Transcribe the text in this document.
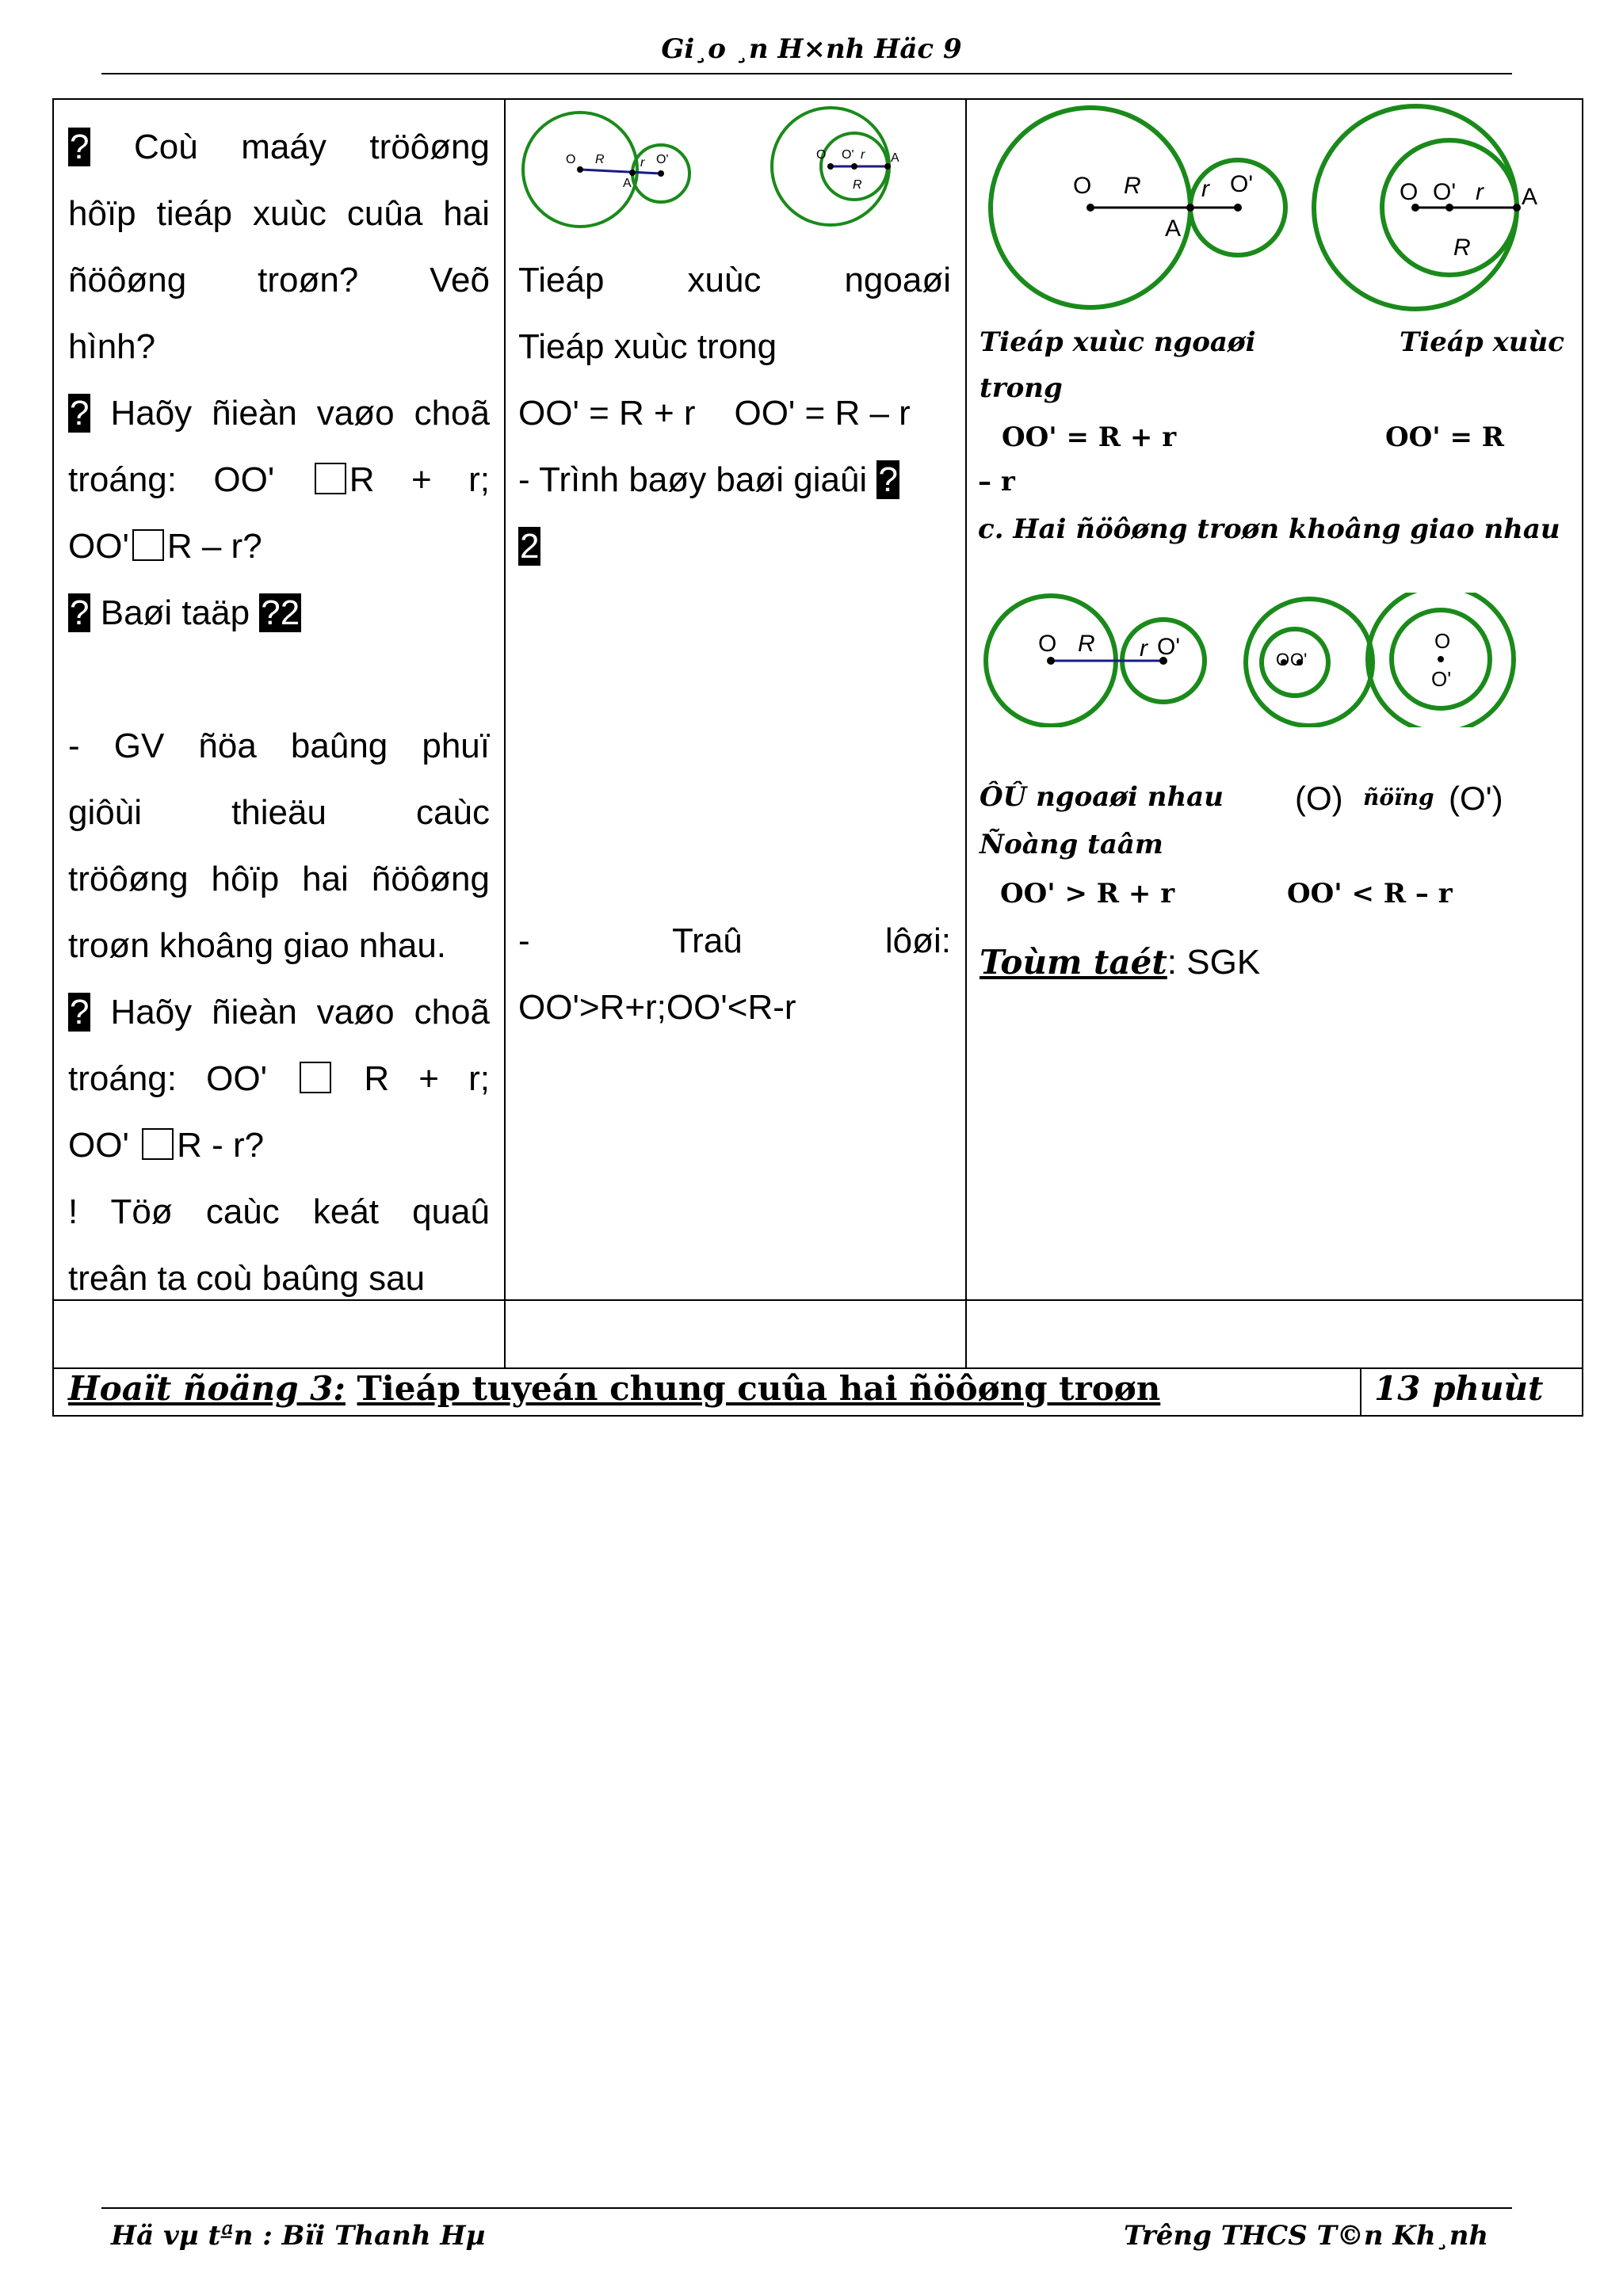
Gi¸o ¸n H×nh Häc 9
? Coù maáy tröôøng
hôïp tieáp xuùc cuûa hai
ñöôøng troøn? Veõ
hình?
? Haõy ñieàn vaøo choã
troáng: OO' R + r;
OO' R – r?
? Baøi taäp ?2

- GV ñöa baûng phuï
giôùi thieäu caùc
tröôøng hôïp hai ñöôøng
troøn khoâng giao nhau.
? Haõy ñieàn vaøo choã
troáng: OO'	R + r;
OO' R - r?
! Töø caùc keát quaû
treân ta coù baûng sau
O R	r O'
A
O O' r A
R
Tieáp xuùc ngoaøi
Tieáp xuùc trong
OO' = R + r OO' = R – r
- Trình baøy baøi giaûi ?
2
- Traû lôøi:
OO'>R+r;OO'<R-r
O R	r O'
A
O O' r A
R
Tieáp xuùc ngoaøi	Tieáp xuùc
trong
OO' = R + r	OO' = R
– r
c. Hai ñöôøng troøn khoâng giao nhau
O R r O'	O O'
O
O'
ÔÛ ngoaøi nhau (O) ñöïng (O')
Ñoàng taâm
OO' > R + r	OO' < R – r
Toùm taét: SGK
Hoaït ñoäng 3: Tieáp tuyeán chung cuûa hai ñöôøng troøn	13 phuùt
Hä vµ tªn : Bïi Thanh Hµ	Trêng THCS T©n Kh¸nh
